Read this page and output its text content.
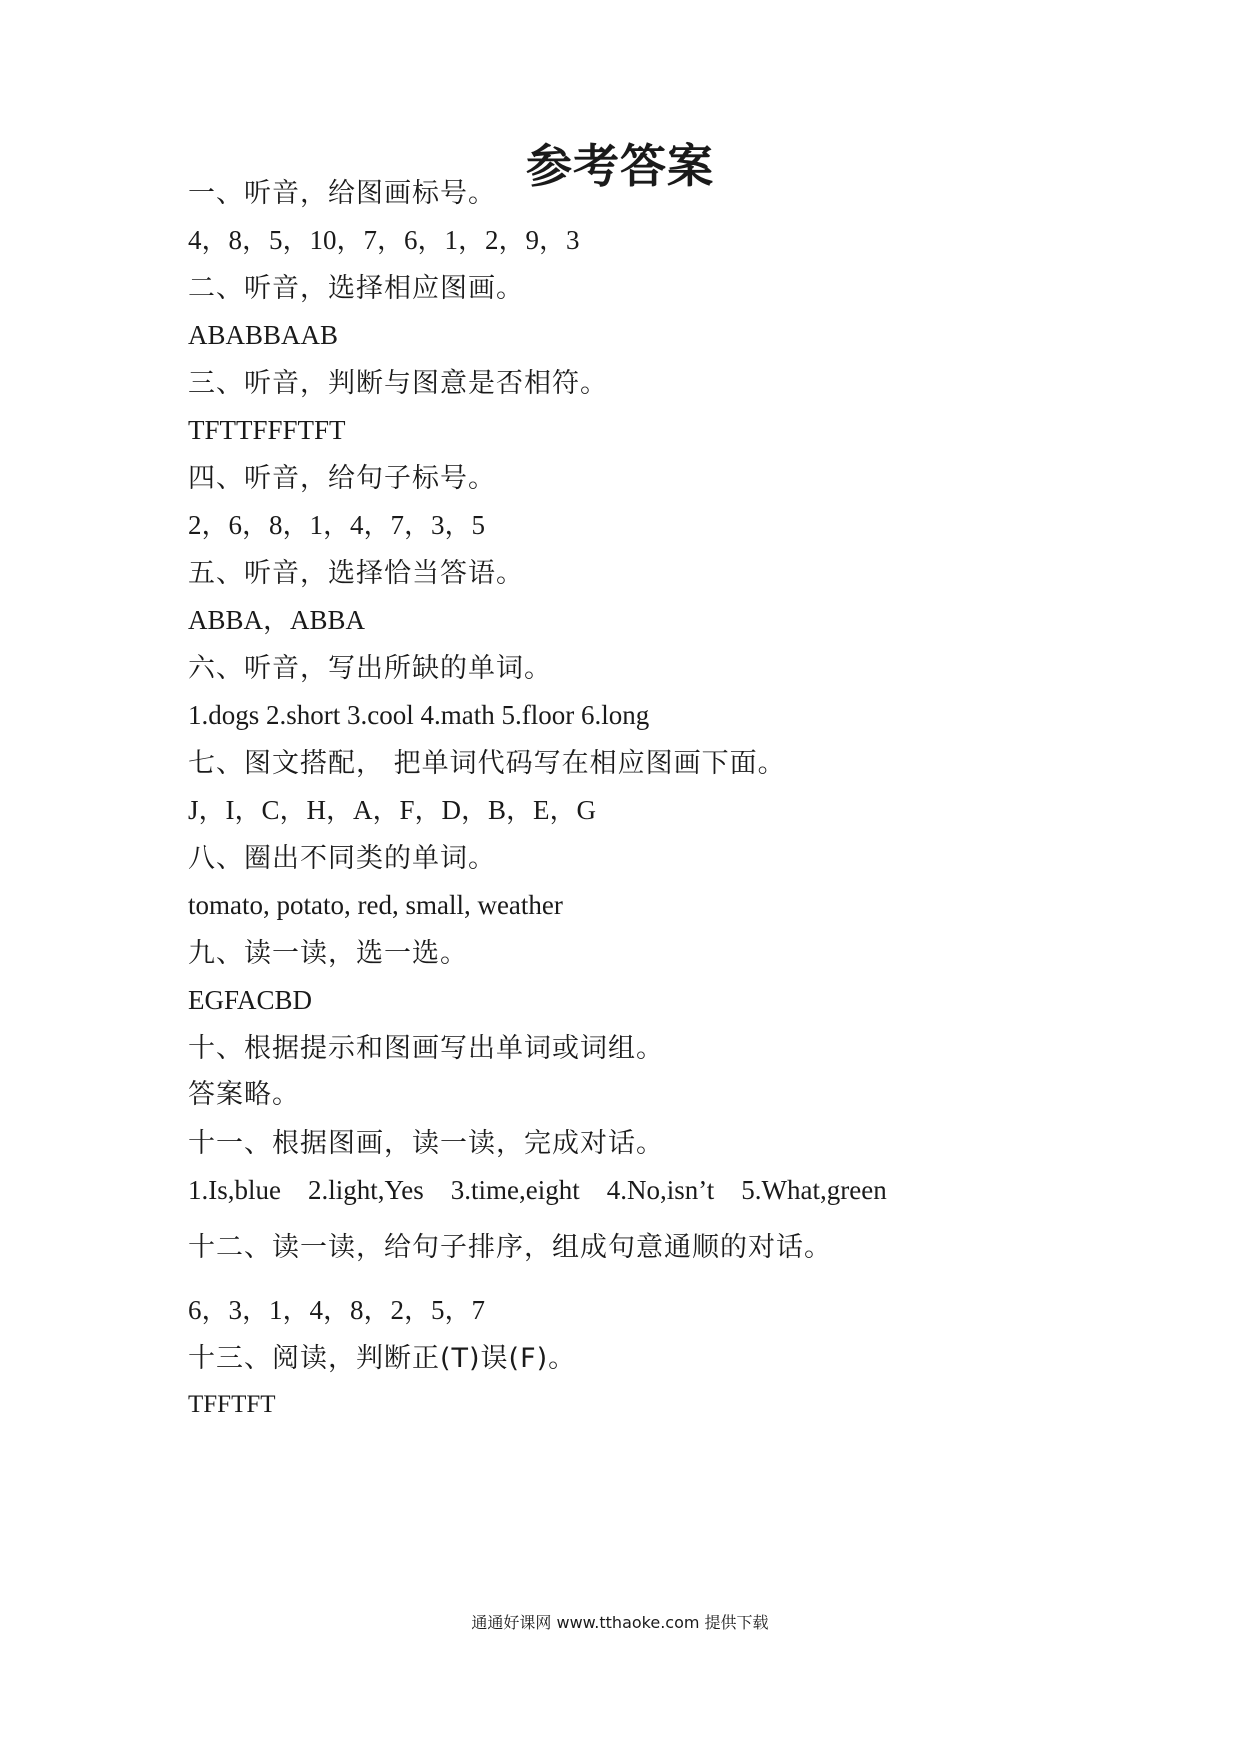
参考答案
一、听音，给图画标号。
4，8，5，10，7，6，1，2，9，3
二、听音，选择相应图画。
ABABBAAB
三、听音，判断与图意是否相符。
TFTTFFFTFT
四、听音，给句子标号。
2，6，8，1，4，7，3，5
五、听音，选择恰当答语。
ABBA，ABBA
六、听音，写出所缺的单词。
1.dogs 2.short 3.cool 4.math 5.floor 6.long
七、图文搭配， 把单词代码写在相应图画下面。
J，I，C，H，A，F，D，B，E，G
八、圈出不同类的单词。
tomato, potato, red, small, weather
九、读一读，选一选。
EGFACBD
十、根据提示和图画写出单词或词组。
答案略。
十一、根据图画，读一读，完成对话。
1.Is,blue    2.light,Yes    3.time,eight    4.No,isn’t    5.What,green
十二、读一读，给句子排序，组成句意通顺的对话。
6，3，1，4，8，2，5，7
十三、阅读，判断正(T)误(F)。
TFFTFT
通通好课网 www.tthaoke.com 提供下载
